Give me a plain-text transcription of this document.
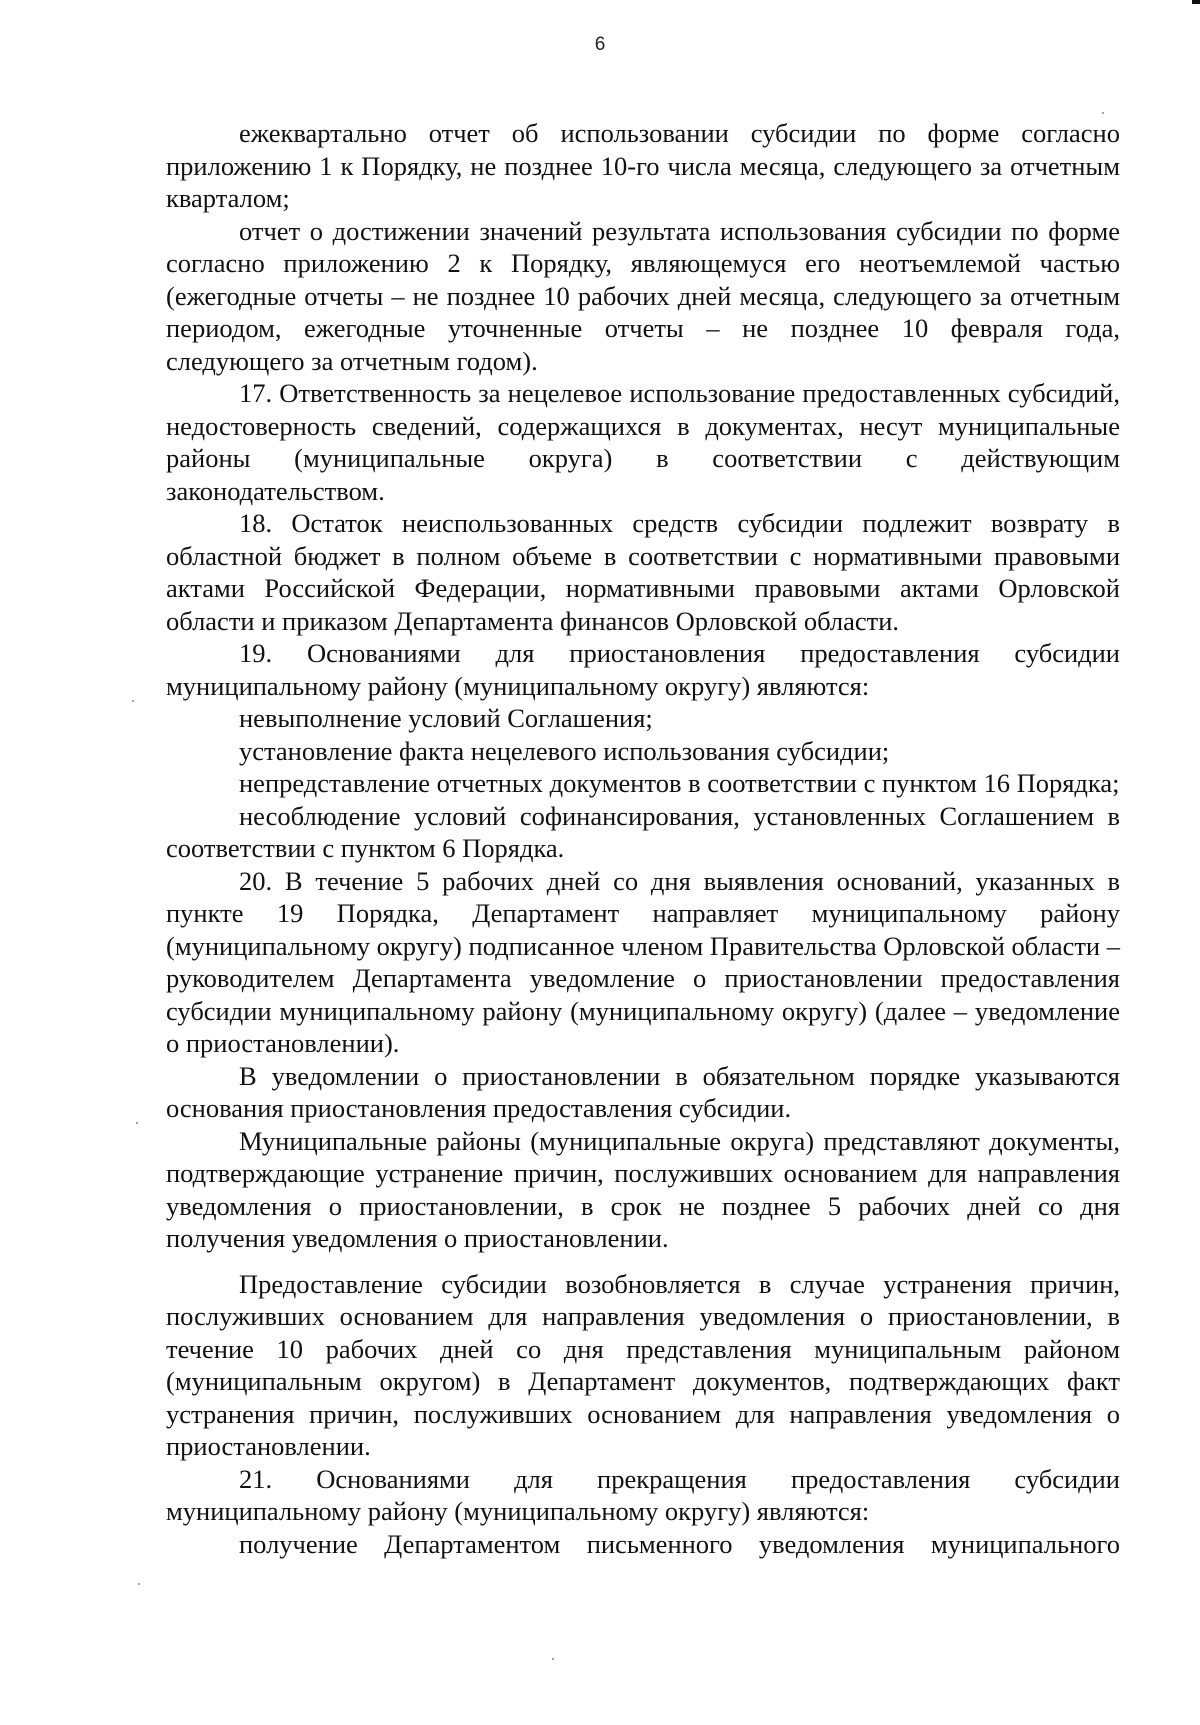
6

ежеквартально отчет об использовании субсидии по форме согласно приложению 1 к Порядку, не позднее 10-го числа месяца, следующего за отчетным кварталом;

отчет о достижении значений результата использования субсидии по форме согласно приложению 2 к Порядку, являющемуся его неотъемлемой частью (ежегодные отчеты – не позднее 10 рабочих дней месяца, следующего за отчетным периодом, ежегодные уточненные отчеты – не позднее 10 февраля года, следующего за отчетным годом).

17. Ответственность за нецелевое использование предоставленных субсидий, недостоверность сведений, содержащихся в документах, несут муниципальные районы (муниципальные округа) в соответствии с действующим законодательством.

18. Остаток неиспользованных средств субсидии подлежит возврату в областной бюджет в полном объеме в соответствии с нормативными правовыми актами Российской Федерации, нормативными правовыми актами Орловской области и приказом Департамента финансов Орловской области.

19. Основаниями для приостановления предоставления субсидии муниципальному району (муниципальному округу) являются:

невыполнение условий Соглашения;

установление факта нецелевого использования субсидии;

непредставление отчетных документов в соответствии с пунктом 16 Порядка;

несоблюдение условий софинансирования, установленных Соглашением в соответствии с пунктом 6 Порядка.

20. В течение 5 рабочих дней со дня выявления оснований, указанных в пункте 19 Порядка, Департамент направляет муниципальному району (муниципальному округу) подписанное членом Правительства Орловской области – руководителем Департамента уведомление о приостановлении предоставления субсидии муниципальному району (муниципальному округу) (далее – уведомление о приостановлении).

В уведомлении о приостановлении в обязательном порядке указываются основания приостановления предоставления субсидии.

Муниципальные районы (муниципальные округа) представляют документы, подтверждающие устранение причин, послуживших основанием для направления уведомления о приостановлении, в срок не позднее 5 рабочих дней со дня получения уведомления о приостановлении.

Предоставление субсидии возобновляется в случае устранения причин, послуживших основанием для направления уведомления о приостановлении, в течение 10 рабочих дней со дня представления муниципальным районом (муниципальным округом) в Департамент документов, подтверждающих факт устранения причин, послуживших основанием для направления уведомления о приостановлении.

21. Основаниями для прекращения предоставления субсидии муниципальному району (муниципальному округу) являются:

получение Департаментом письменного уведомления муниципального
